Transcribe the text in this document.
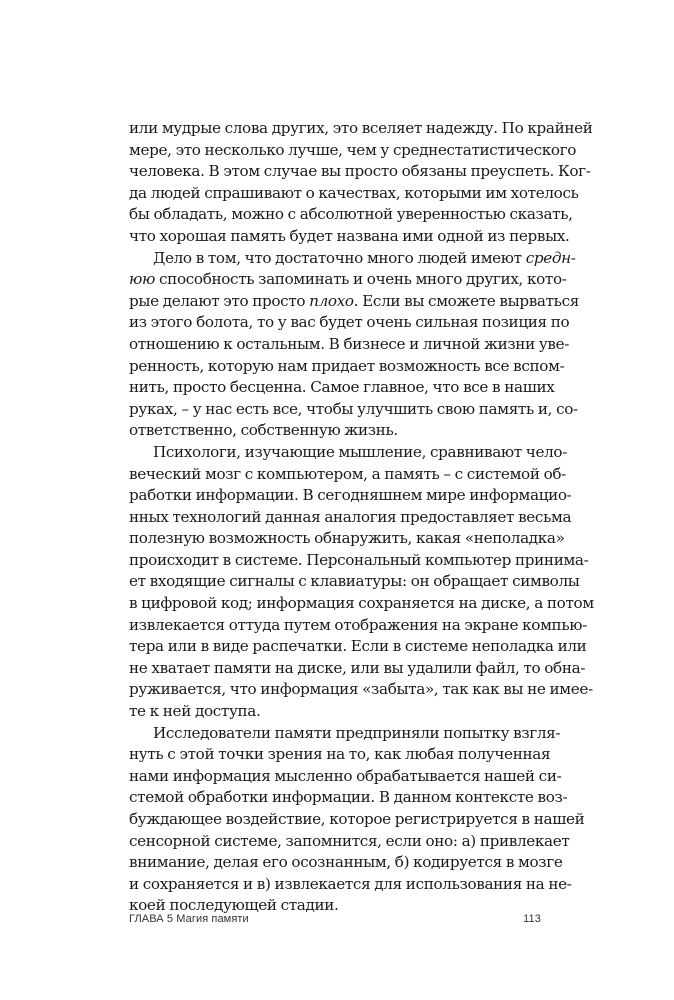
или мудрые слова других, это вселяет надежду. По крайней
мере, это несколько лучше, чем у среднестатистического
человека. В этом случае вы просто обязаны преуспеть. Ког-
да людей спрашивают о качествах, которыми им хотелось
бы обладать, можно с абсолютной уверенностью сказать,
что хорошая память будет названа ими одной из первых.
Дело в том, что достаточно много людей имеют средн-
юю способность запоминать и очень много других, кото-
рые делают это просто плохо. Если вы сможете вырваться
из этого болота, то у вас будет очень сильная позиция по
отношению к остальным. В бизнесе и личной жизни уве-
ренность, которую нам придает возможность все вспом-
нить, просто бесценна. Самое главное, что все в наших
руках, – у нас есть все, чтобы улучшить свою память и, со-
ответственно, собственную жизнь.
Психологи, изучающие мышление, сравнивают чело-
веческий мозг с компьютером, а память – с системой об-
работки информации. В сегодняшнем мире информацио-
нных технологий данная аналогия предоставляет весьма
полезную возможность обнаружить, какая «неполадка»
происходит в системе. Персональный компьютер принима-
ет входящие сигналы с клавиатуры: он обращает символы
в цифровой код; информация сохраняется на диске, а потом
извлекается оттуда путем отображения на экране компью-
тера или в виде распечатки. Если в системе неполадка или
не хватает памяти на диске, или вы удалили файл, то обна-
руживается, что информация «забыта», так как вы не имее-
те к ней доступа.
Исследователи памяти предприняли попытку взгля-
нуть с этой точки зрения на то, как любая полученная
нами информация мысленно обрабатывается нашей си-
стемой обработки информации. В данном контексте воз-
буждающее воздействие, которое регистрируется в нашей
сенсорной системе, запомнится, если оно: а) привлекает
внимание, делая его осознанным, б) кодируется в мозге
и сохраняется и в) извлекается для использования на не-
коей последующей стадии.
ГЛАВА 5 Магия памяти	113
